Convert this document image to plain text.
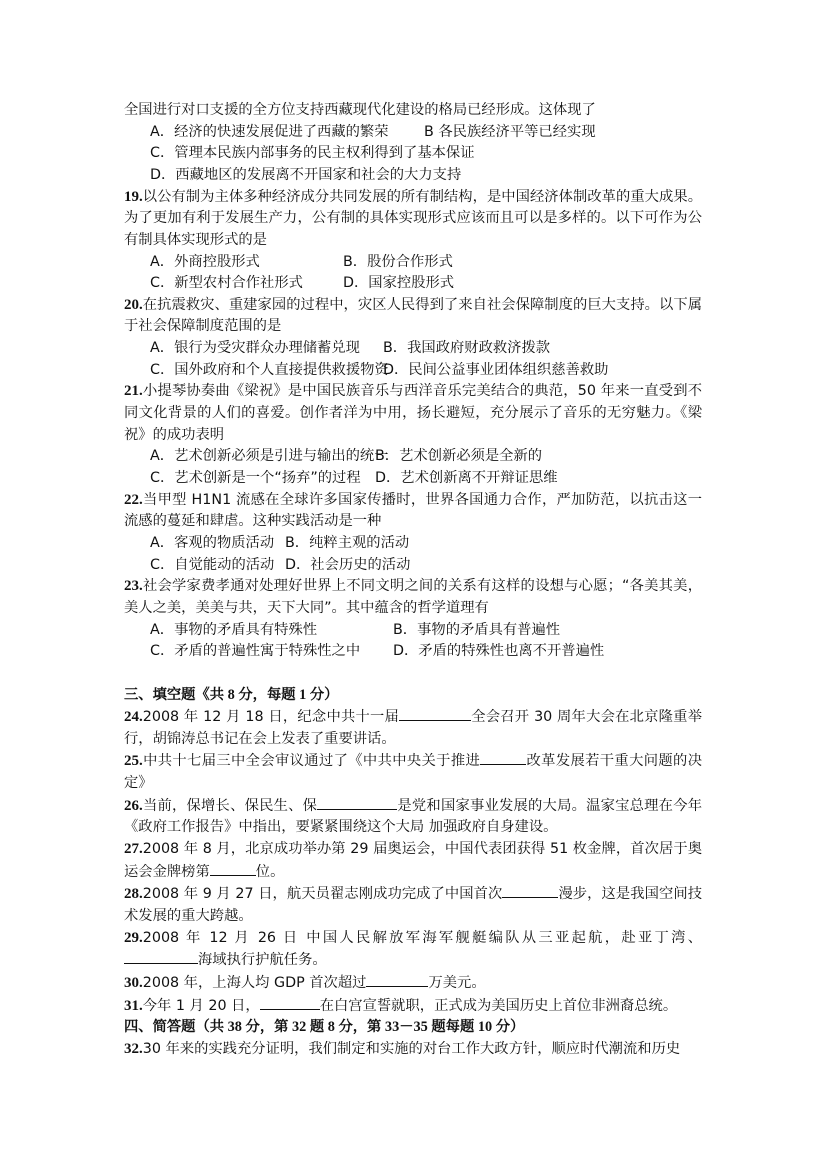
全国进行对口支援的全方位支持西藏现代化建设的格局已经形成。这体现了

A．经济的快速发展促进了西藏的繁荣 B 各民族经济平等已经实现
C．管理本民族内部事务的民主权利得到了基本保证
D．西藏地区的发展离不开国家和社会的大力支持

19.以公有制为主体多种经济成分共同发展的所有制结构，是中国经济体制改革的重大成果。为了更加有利于发展生产力，公有制的具体实现形式应该而且可以是多样的。以下可作为公有制具体实现形式的是

A．外商控股形式	B．股份合作形式
C．新型农村合作社形式	D．国家控股形式

20.在抗震救灾、重建家园的过程中，灾区人民得到了来自社会保障制度的巨大支持。以下属于社会保障制度范围的是

A．银行为受灾群众办理储蓄兑现 B．我国政府财政救济拨款
C．国外政府和个人直接提供救援物资
D．民间公益事业团体组织慈善救助

21.小提琴协奏曲《梁祝》是中国民族音乐与西洋音乐完美结合的典范，50 年来一直受到不同文化背景的人们的喜爱。创作者洋为中用，扬长避短，充分展示了音乐的无穷魅力。《梁祝》的成功表明

A．艺术创新必须是引进与输出的统一
B．艺术创新必须是全新的
C．艺术创新是一个“扬弃”的过程 D．艺术创新离不开辩证思维

22.当甲型 H1N1 流感在全球许多国家传播时，世界各国通力合作，严加防范，以抗击这一流感的蔓延和肆虐。这种实践活动是一种

A．客观的物质活动 B．纯粹主观的活动
C．自觉能动的活动 D．社会历史的活动

23.社会学家费孝通对处理好世界上不同文明之间的关系有这样的设想与心愿；“各美其美，美人之美，美美与共，天下大同”。其中蕴含的哲学道理有

A．事物的矛盾具有特殊性	B．事物的矛盾具有普遍性
C．矛盾的普遍性寓于特殊性之中 D．矛盾的特殊性也离不开普遍性

三、填空题《共 8 分，每题 1 分）

24.2008 年 12 月 18 日，纪念中共十一届	全会召开 30 周年大会在北京隆重举行，胡锦涛总书记在会上发表了重要讲话。

25.中共十七届三中全会审议通过了《中共中央关于推进	改革发展若干重大问题的决定》

26.当前，保增长、保民生、保	是党和国家事业发展的大局。温家宝总理在今年《政府工作报告》中指出，要紧紧围绕这个大局 加强政府自身建设。

27.2008 年 8 月，北京成功举办第 29 届奥运会，中国代表团获得 51 枚金牌，首次居于奥运会金牌榜第	位。

28.2008 年 9 月 27 日，航天员翟志刚成功完成了中国首次	漫步，这是我国空间技术发展的重大跨越。

29.2008 年 12 月 26 日 中国人民解放军海军舰艇编队从三亚起航，赴亚丁湾、海域执行护航任务。

30.2008 年，上海人均 GDP 首次超过	万美元。

31.今年 1 月 20 日，	在白宫宣誓就职，正式成为美国历史上首位非洲裔总统。

四、简答题（共 38 分，第 32 题 8 分，第 33－35 题每题 10 分）

32.30 年来的实践充分证明，我们制定和实施的对台工作大政方针，顺应时代潮流和历史
